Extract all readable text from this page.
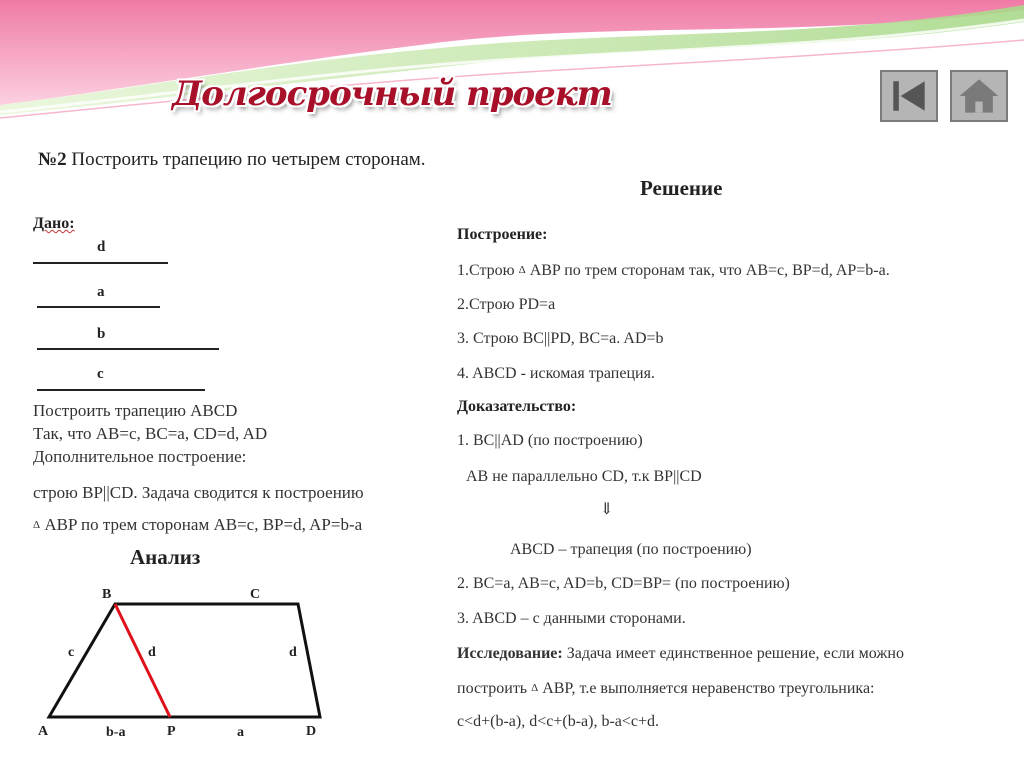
Долгосрочный проект
№2 Построить трапецию по четырем сторонам.
Решение
Дано:
d
a
b
c
Построить трапецию ABCD
Так, что AB=c, BC=a, CD=d, AD
Дополнительное построение:
строю BP||CD. Задача сводится к построению
Δ ABP по трем сторонам AB=c, BP=d, AP=b-a
Анализ
B	C
A	P	D
c	d	d
b-a	a
Построение:
1.Строю Δ ABP по трем сторонам так, что AB=c, BP=d, AP=b-a.
2.Строю PD=a
3. Строю BC||PD, BC=a. AD=b
4. ABCD - искомая трапеция.
Доказательство:
1. BC||AD (по построению)
AB не параллельно CD, т.к BP||CD
⇓
ABCD – трапеция (по построению)
2. BC=a, AB=c, AD=b, CD=BP= (по построению)
3. ABCD – с данными сторонами.
Исследование: Задача имеет единственное решение, если можно
построить Δ ABP, т.е выполняется неравенство треугольника:
c<d+(b-a), d<c+(b-a), b-a<c+d.
